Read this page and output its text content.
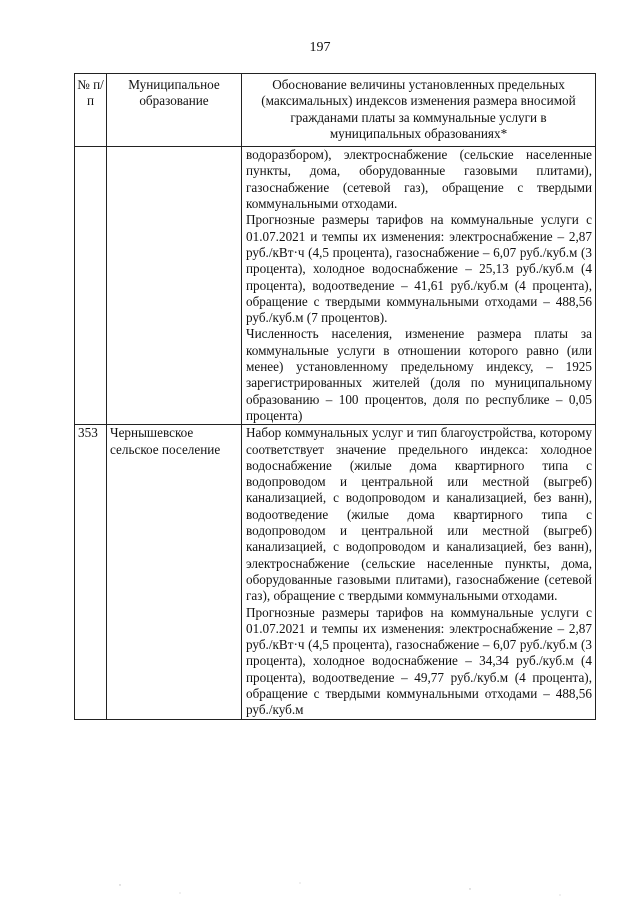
197
№ п/п	Муниципальное образование	Обоснование величины установленных предельных (максимальных) индексов изменения размера вносимой гражданами платы за коммунальные услуги в муниципальных образованиях*

		водоразбором), электроснабжение (сельские населенные пункты, дома, оборудованные газовыми плитами), газоснабжение (сетевой газ), обращение с твердыми коммунальными отходами.
Прогнозные размеры тарифов на коммунальные услуги с 01.07.2021 и темпы их изменения: электроснабжение – 2,87 руб./кВт·ч (4,5 процента), газоснабжение – 6,07 руб./куб.м (3 процента), холодное водоснабжение – 25,13 руб./куб.м (4 процента), водоотведение – 41,61 руб./куб.м (4 процента), обращение с твердыми коммунальными отходами – 488,56 руб./куб.м (7 процентов).
Численность населения, изменение размера платы за коммунальные услуги в отношении которого равно (или менее) установленному предельному индексу, – 1925 зарегистрированных жителей (доля по муниципальному образованию – 100 процентов, доля по республике – 0,05 процента)

353	Чернышевское сельское поселение	Набор коммунальных услуг и тип благоустройства, которому соответствует значение предельного индекса: холодное водоснабжение (жилые дома квартирного типа с водопроводом и центральной или местной (выгреб) канализацией, с водопроводом и канализацией, без ванн), водоотведение (жилые дома квартирного типа с водопроводом и центральной или местной (выгреб) канализацией, с водопроводом и канализацией, без ванн), электроснабжение (сельские населенные пункты, дома, оборудованные газовыми плитами), газоснабжение (сетевой газ), обращение с твердыми коммунальными отходами.
Прогнозные размеры тарифов на коммунальные услуги с 01.07.2021 и темпы их изменения: электроснабжение – 2,87 руб./кВт·ч (4,5 процента), газоснабжение – 6,07 руб./куб.м (3 процента), холодное водоснабжение – 34,34 руб./куб.м (4 процента), водоотведение – 49,77 руб./куб.м (4 процента), обращение с твердыми коммунальными отходами – 488,56 руб./куб.м
